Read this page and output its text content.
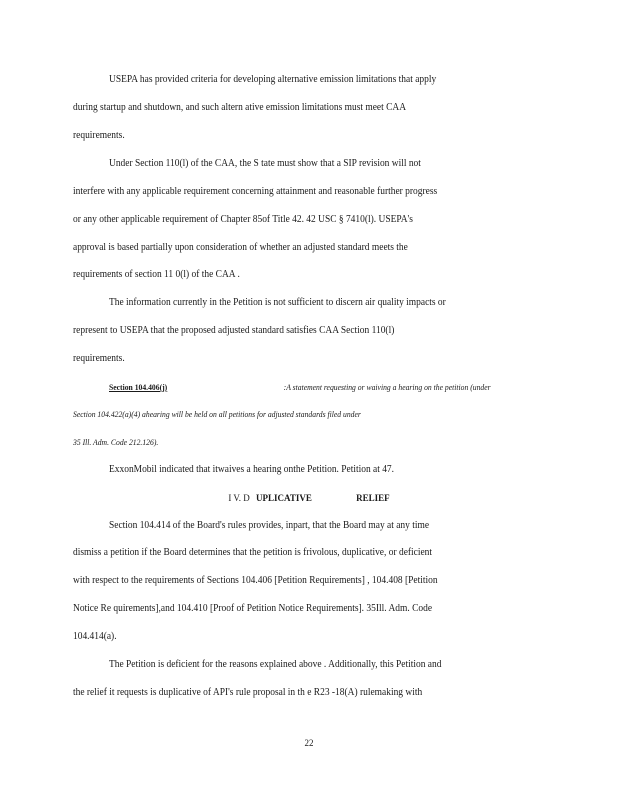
USEPA has provided criteria for developing alternative emission limitations that apply
during startup and shutdown, and such altern ative emission limitations must meet CAA
requirements.
Under Section 110(l) of the CAA, the S tate must show that a SIP revision will not
interfere with any applicable requirement concerning attainment and reasonable further progress
or any other applicable requirement of Chapter 85of Title 42. 42 USC § 7410(l). USEPA's
approval is based partially upon consideration of whether an adjusted standard meets the
requirements of section 11 0(l) of the CAA .
The information currently in the Petition is not sufficient to discern air quality impacts or
represent to USEPA that the proposed adjusted standard satisfies CAA Section 110(l)
requirements.
Section 104.406(j)	:A statement requesting or waiving a hearing on the petition (under
Section 104.422(a)(4) ahearing will be held on all petitions for adjusted standards filed under
35 Ill. Adm. Code 212.126).
ExxonMobil indicated that itwaives a hearing onthe Petition. Petition at 47.
I V. D UPLICATIVE	RELIEF
Section 104.414 of the Board's rules provides, inpart, that the Board may at any time
dismiss a petition if the Board determines that the petition is frivolous, duplicative, or deficient
with respect to the requirements of Sections 104.406 [Petition Requirements] , 104.408 [Petition
Notice Re quirements],and 104.410 [Proof of Petition Notice Requirements]. 35Ill. Adm. Code
104.414(a).
The Petition is deficient for the reasons explained above . Additionally, this Petition and
the relief it requests is duplicative of API's rule proposal in th e R23 -18(A) rulemaking with
22
